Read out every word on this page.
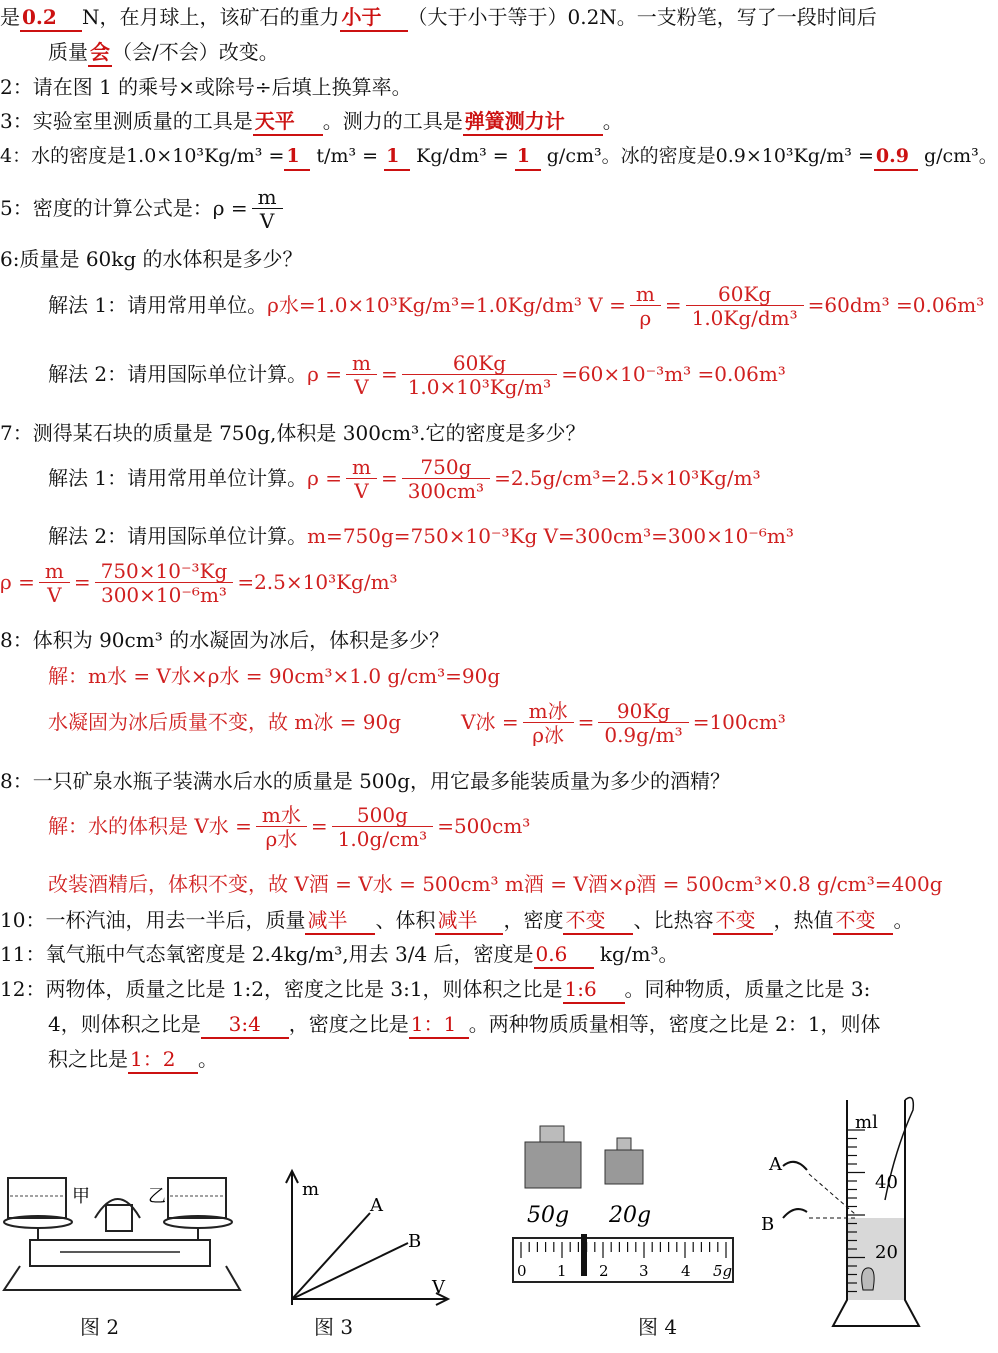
是 0.2 N，在月球上，该矿石的重力 小于 （大于小于等于）0.2N。一支粉笔，写了一段时间后
质量 会 （会/不会）改变。
2：请在图 1 的乘号×或除号÷后填上换算率。
3：实验室里测质量的工具是 天平 。测力的工具是 弹簧测力计 。
4：水的密度是1.0×10³Kg/m³ = 1 t/m³ = 1 Kg/dm³ = 1 g/cm³。冰的密度是0.9×10³Kg/m³ = 0.9 g/cm³。
5：密度的计算公式是：$\rho = \frac{m}{V}$
6:质量是 60kg 的水体积是多少？
解法 1：请用常用单位。ρ水=1.0×10³Kg/m³=1.0Kg/dm³ $V = \frac{m}{\rho} = \frac{60Kg}{\text{1.0Kg/dm³}} =60dm^3 =0.06m^3$
解法 2：请用国际单位计算。$\rho = \frac{m}{V} = \frac{60Kg}{\text{1.0×10³Kg/m³}} =60\times 10^{-3}m^3 =0.06m^3$
7：测得某石块的质量是 750g,体积是 300cm³.它的密度是多少？
解法 1：请用常用单位计算。$\rho = \frac{m}{V} = \frac{750g}{\text{300cm³}} =2.5g/cm^3=2.5\times 10^3Kg/m^3$
解法 2：请用国际单位计算。m=750g=750×10⁻³Kg V=300cm³=300×10⁻⁶m³
$\rho = \frac{m}{V} = \frac{\text{750×10⁻³Kg}}{\text{300×10⁻⁶m³}} =2.5\times 10^3Kg/m^3$
8：体积为 90cm³ 的水凝固为冰后，体积是多少？
解：m水 = V水×ρ水 = 90cm³×1.0 g/cm³=90g
水凝固为冰后质量不变，故 m冰 = 90g	V冰 = $\frac{\text{m冰}}{\text{ρ冰}} = \frac{90Kg}{\text{0.9g/m³}} =100cm^3$
8：一只矿泉水瓶子装满水后水的质量是 500g，用它最多能装质量为多少的酒精？
解：水的体积是 V水 = $\frac{\text{m水}}{\text{ρ水}} = \frac{500g}{\text{1.0g/cm³}} =500cm^3$
改装酒精后，体积不变，故 V酒 = V水 = 500cm³ m酒 = V酒×ρ酒 = 500cm³×0.8 g/cm³=400g
10：一杯汽油，用去一半后，质量 减半 、体积 减半 ，密度 不变 、比热容 不变 ，热值 不变 。
11：氧气瓶中气态氧密度是 2.4kg/m³,用去 3/4 后，密度是 0.6 kg/m³。
12：两物体，质量之比是 1:2，密度之比是 3:1，则体积之比是 1:6 。同种物质，质量之比是 3:
4，则体积之比是 3:4 ，密度之比是 1：1 。两种物质质量相等，密度之比是 2：1，则体
积之比是 1：2 。
甲	乙
图 2
m
V
A
B
图 3
50g 20g
0 1 2 3 4 5g
图 4
ml
40
20
A
B
